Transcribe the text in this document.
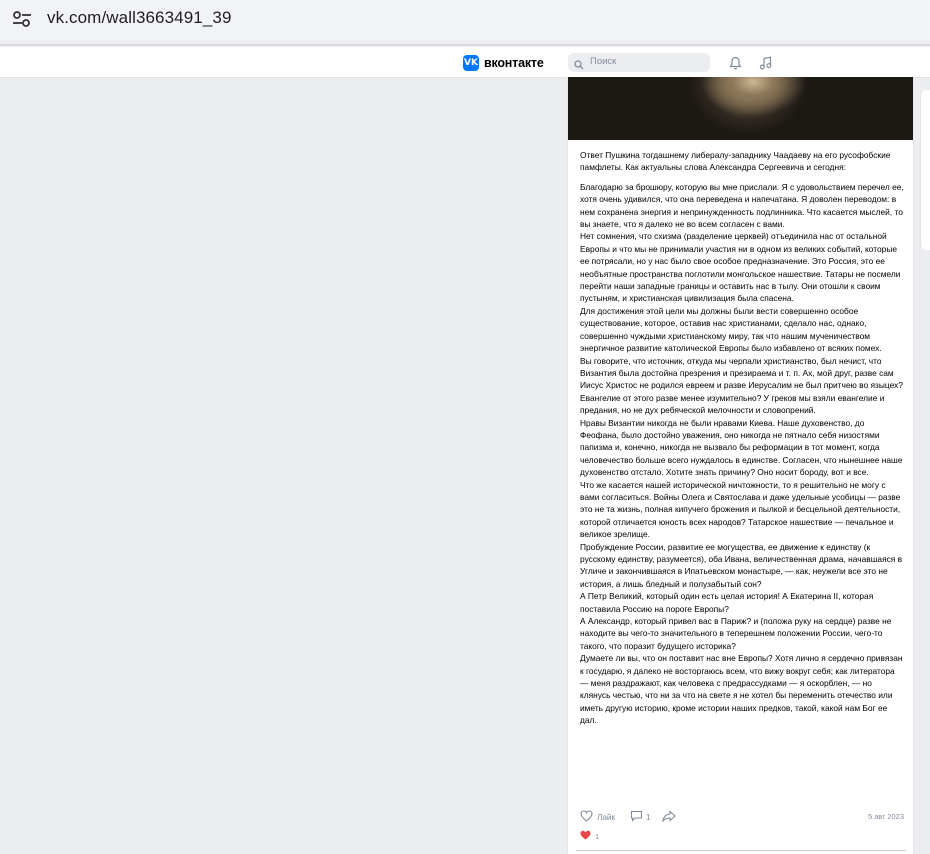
vk.com/wall3663491_39
VK вконтакте	Поиск

Ответ Пушкина тогдашнему либералу-западнику Чаадаеву на его русофобские памфлеты. Как актуальны слова Александра Сергеевича и сегодня:

Благодарю за брошюру, которую вы мне прислали. Я с удовольствием перечел ее, хотя очень удивился, что она переведена и напечатана. Я доволен переводом: в нем сохранена энергия и непринужденность подлинника. Что касается мыслей, то вы знаете, что я далеко не во всем согласен с вами.

Нет сомнения, что схизма (разделение церквей) отъединила нас от остальной Европы и что мы не принимали участия ни в одном из великих событий, которые ее потрясали, но у нас было свое особое предназначение. Это Россия, это ее необъятные пространства поглотили монгольское нашествие. Татары не посмели перейти наши западные границы и оставить нас в тылу. Они отошли к своим пустыням, и христианская цивилизация была спасена.

Для достижения этой цели мы должны были вести совершенно особое существование, которое, оставив нас христианами, сделало нас, однако, совершенно чуждыми христианскому миру, так что нашим мученичеством энергичное развитие католической Европы было избавлено от всяких помех.

Вы говорите, что источник, откуда мы черпали христианство, был нечист, что Византия была достойна презрения и презираема и т. п. Ах, мой друг, разве сам Иисус Христос не родился евреем и разве Иерусалим не был притчею во языцех? Евангелие от этого разве менее изумительно? У греков мы взяли евангелие и предания, но не дух ребяческой мелочности и словопрений.

Нравы Византии никогда не были нравами Киева. Наше духовенство, до Феофана, было достойно уважения, оно никогда не пятнало себя низостями папизма и, конечно, никогда не вызвало бы реформации в тот момент, когда человечество больше всего нуждалось в единстве. Согласен, что нынешнее наше духовенство отстало. Хотите знать причину? Оно носит бороду, вот и все.

Что же касается нашей исторической ничтожности, то я решительно не могу с вами согласиться. Войны Олега и Святослава и даже удельные усобицы — разве это не та жизнь, полная кипучего брожения и пылкой и бесцельной деятельности, которой отличается юность всех народов? Татарское нашествие — печальное и великое зрелище.

Пробуждение России, развитие ее могущества, ее движение к единству (к русскому единству, разумеется), оба Ивана, величественная драма, начавшаяся в Угличе и закончившаяся в Ипатьевском монастыре, — как, неужели все это не история, а лишь бледный и полузабытый сон?

А Петр Великий, который один есть целая история! А Екатерина II, которая поставила Россию на пороге Европы?

А Александр, который привел вас в Париж? и (положа руку на сердце) разве не находите вы чего-то значительного в теперешнем положении России, чего-то такого, что поразит будущего историка?

Думаете ли вы, что он поставит нас вне Европы? Хотя лично я сердечно привязан к государю, я далеко не восторгаюсь всем, что вижу вокруг себя; как литератора — меня раздражают, как человека с предрассудками — я оскорблен, — но клянусь честью, что ни за что на свете я не хотел бы переменить отечество или иметь другую историю, кроме истории наших предков, такой, какой нам Бог ее дал.

Лайк	1	5 авг 2023
1
